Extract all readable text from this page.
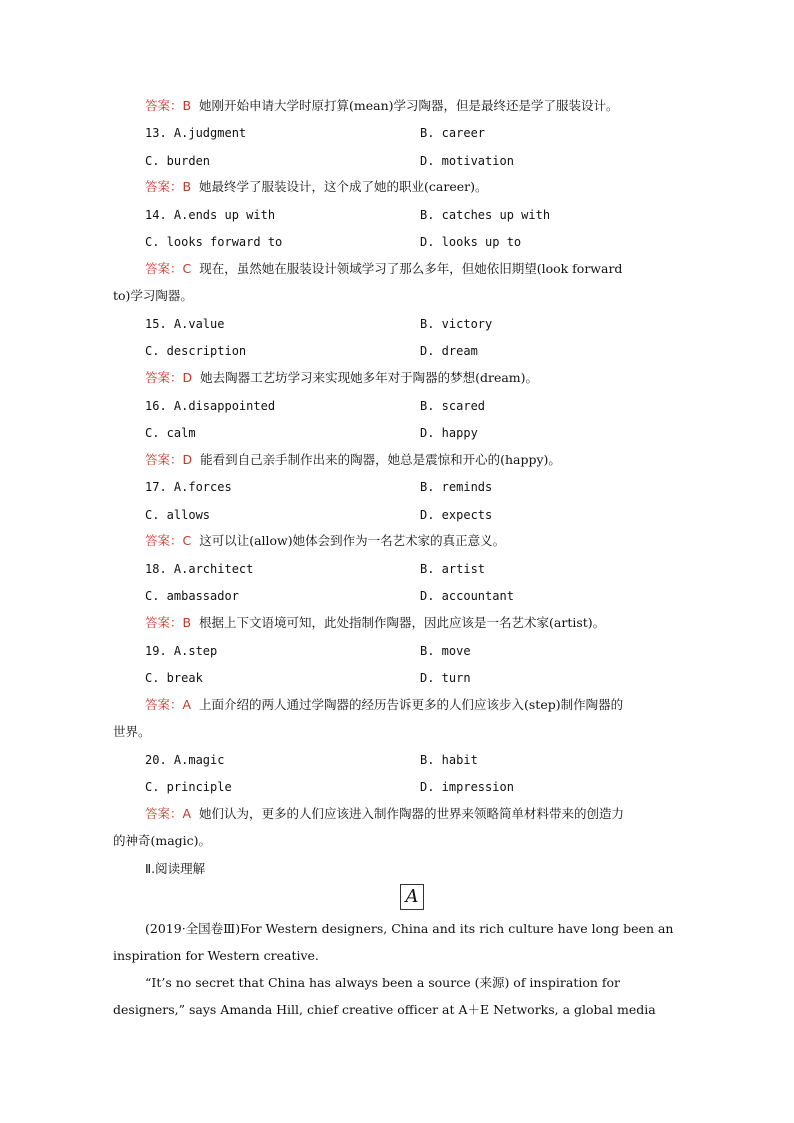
答案：B 她刚开始申请大学时原打算(mean)学习陶器，但是最终还是学了服装设计。
13. A.judgment	B. career
C. burden	D. motivation
答案：B 她最终学了服装设计，这个成了她的职业(career)。
14. A.ends up with	B. catches up with
C. looks forward to	D. looks up to
答案：C 现在，虽然她在服装设计领域学习了那么多年，但她依旧期望(look forward
to)学习陶器。
15. A.value	B. victory
C. description	D. dream
答案：D 她去陶器工艺坊学习来实现她多年对于陶器的梦想(dream)。
16. A.disappointed	B. scared
C. calm	D. happy
答案：D 能看到自己亲手制作出来的陶器，她总是震惊和开心的(happy)。
17. A.forces	B. reminds
C. allows	D. expects
答案：C 这可以让(allow)她体会到作为一名艺术家的真正意义。
18. A.architect	B. artist
C. ambassador	D. accountant
答案：B 根据上下文语境可知，此处指制作陶器，因此应该是一名艺术家(artist)。
19. A.step	B. move
C. break	D. turn
答案：A 上面介绍的两人通过学陶器的经历告诉更多的人们应该步入(step)制作陶器的
世界。
20. A.magic	B. habit
C. principle	D. impression
答案：A 她们认为，更多的人们应该进入制作陶器的世界来领略简单材料带来的创造力
的神奇(magic)。
Ⅱ.阅读理解
A
(2019·全国卷Ⅲ)For Western designers, China and its rich culture have long been an inspiration for Western creative.
“It’s no secret that China has always been a source (来源) of inspiration for designers,” says Amanda Hill, chief creative officer at A＋E Networks, a global media
